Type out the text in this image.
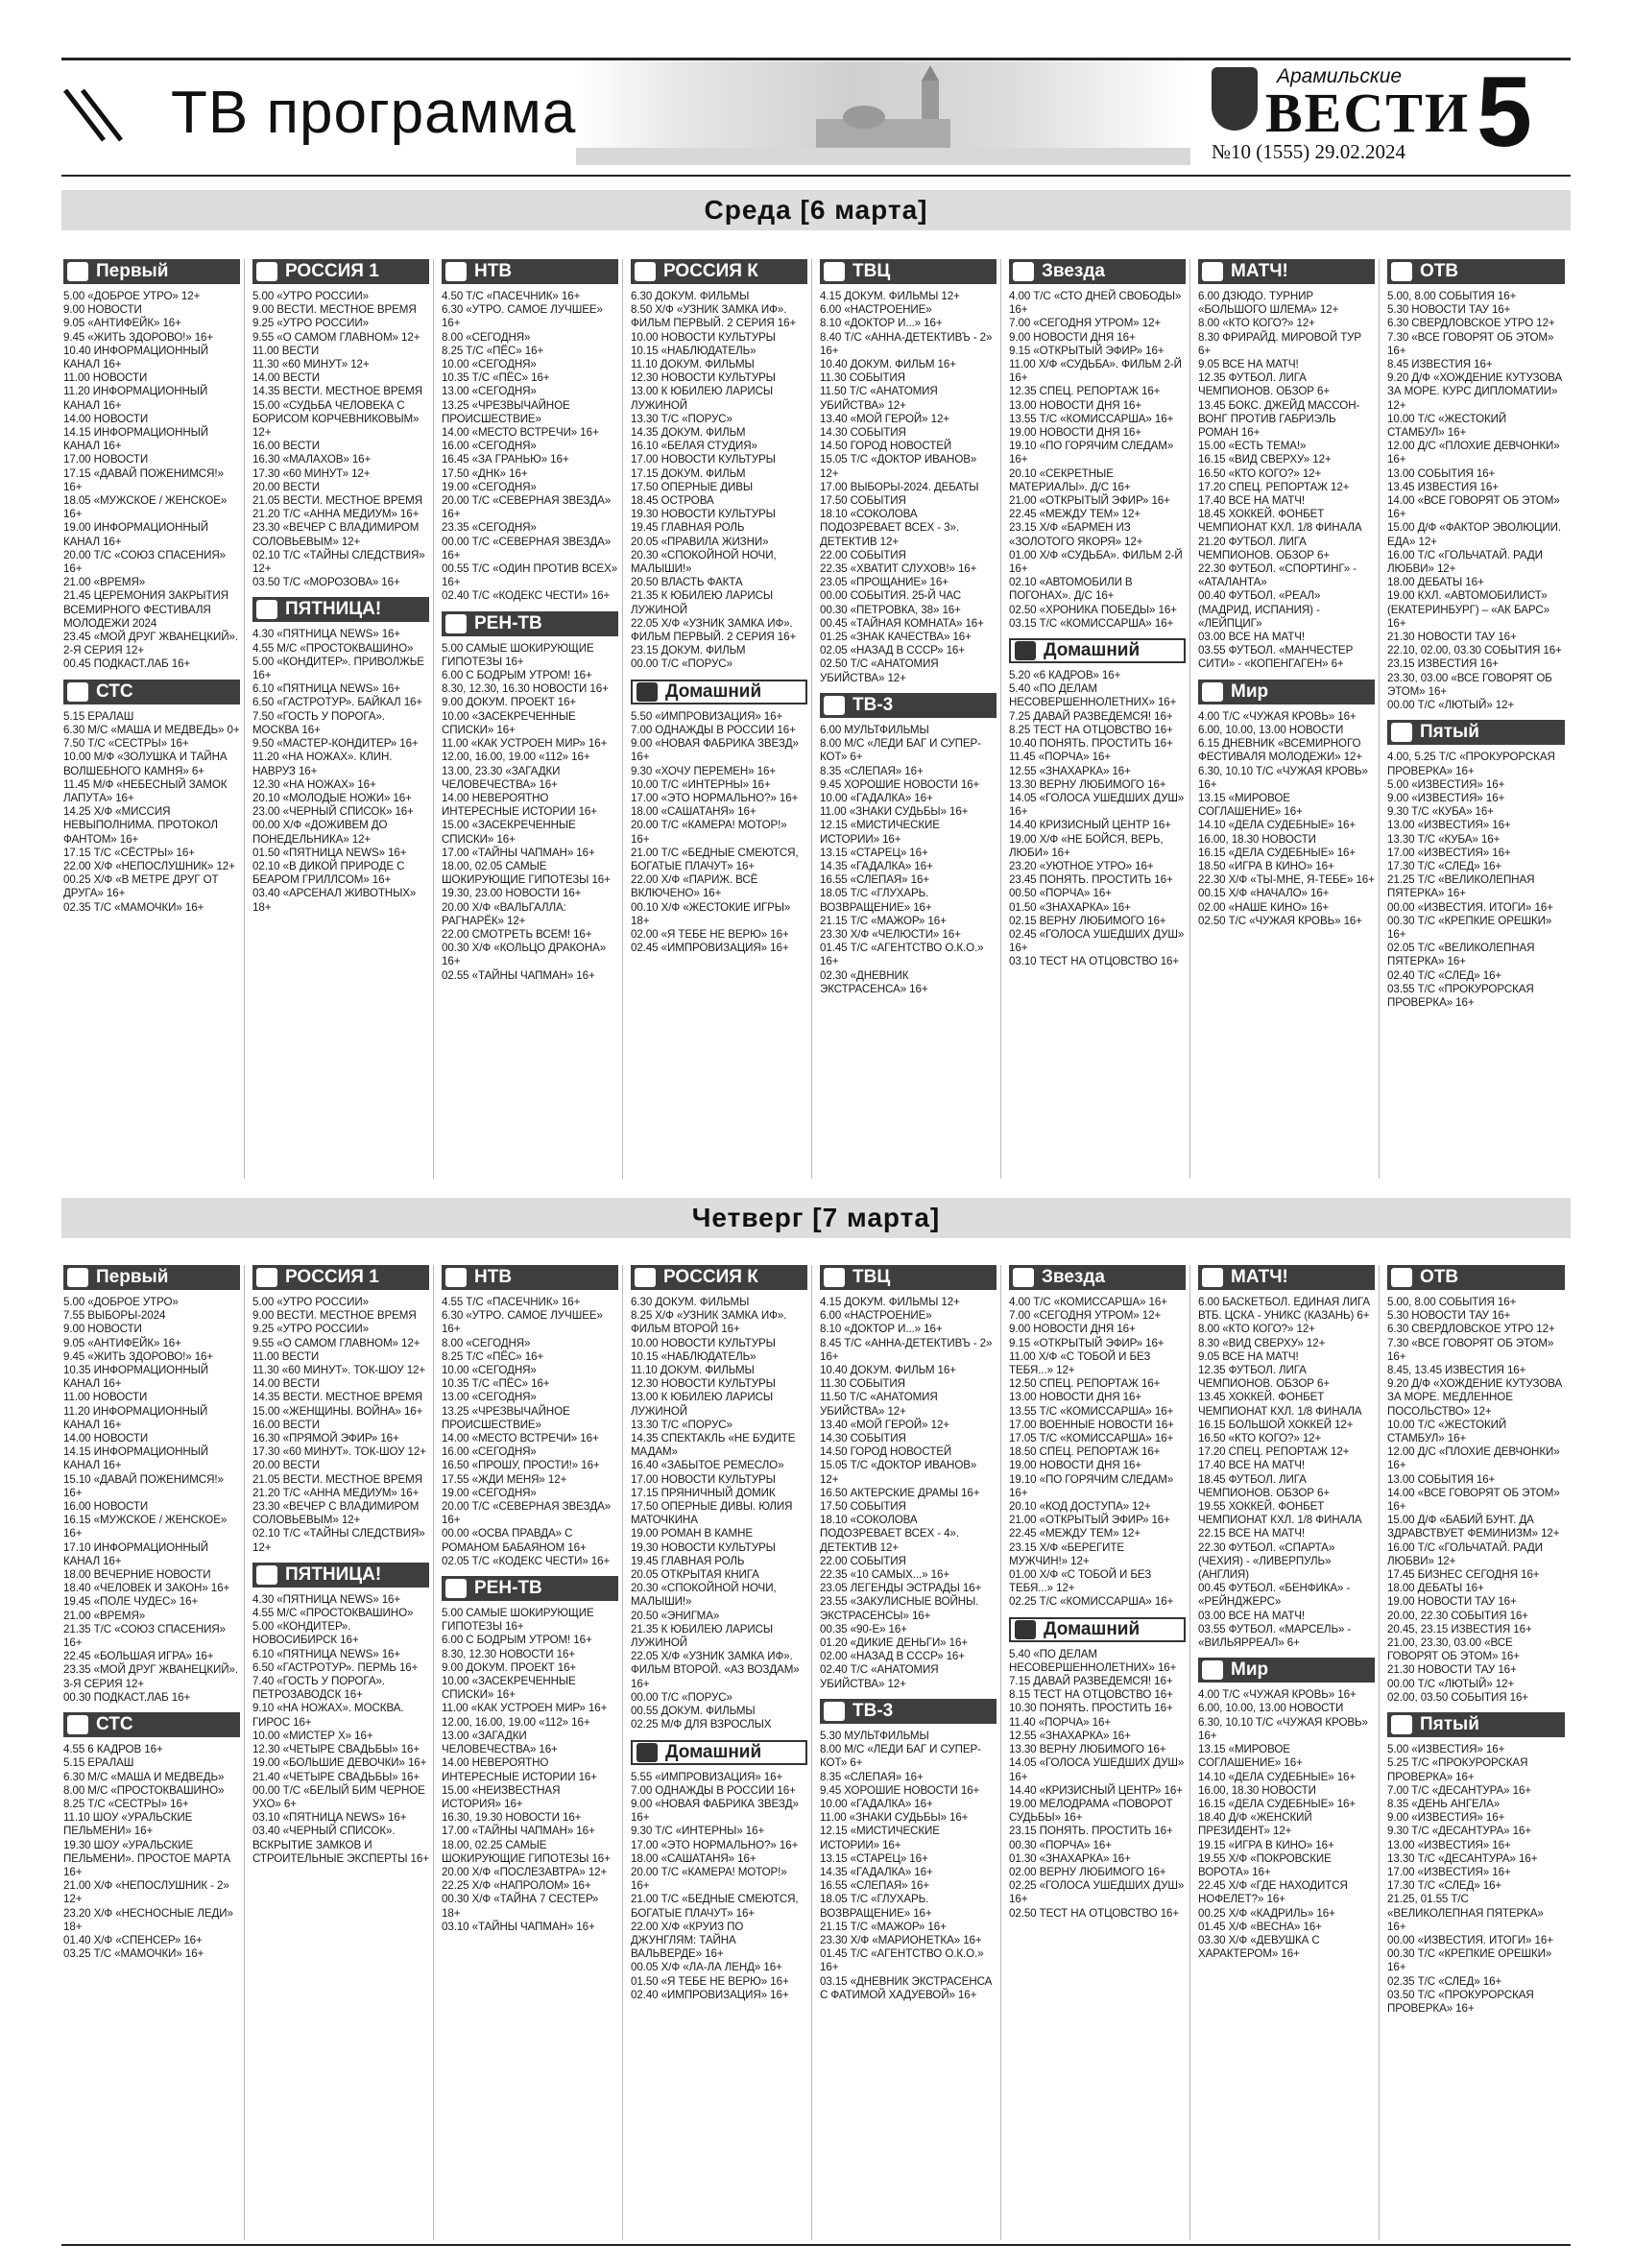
ТВ программа
Арамильские
ВЕСТИ
№10 (1555) 29.02.2024 5
Среда [6 марта]
Первый
5.00 «ДОБРОЕ УТРО» 12+
9.00 НОВОСТИ
9.05 «АНТИФЕЙК» 16+
9.45 «ЖИТЬ ЗДОРОВО!» 16+
10.40 ИНФОРМАЦИОННЫЙ КАНАЛ 16+
11.00 НОВОСТИ
11.20 ИНФОРМАЦИОННЫЙ КАНАЛ 16+
14.00 НОВОСТИ
14.15 ИНФОРМАЦИОННЫЙ КАНАЛ 16+
17.00 НОВОСТИ
17.15 «ДАВАЙ ПОЖЕНИМСЯ!» 16+
18.05 «МУЖСКОЕ / ЖЕНСКОЕ» 16+
19.00 ИНФОРМАЦИОННЫЙ КАНАЛ 16+
20.00 Т/С «СОЮЗ СПАСЕНИЯ» 16+
21.00 «ВРЕМЯ»
21.45 ЦЕРЕМОНИЯ ЗАКРЫТИЯ ВСЕМИРНОГО ФЕСТИВАЛЯ МОЛОДЕЖИ 2024
23.45 «МОЙ ДРУГ ЖВАНЕЦКИЙ». 2-Я СЕРИЯ 12+
00.45 ПОДКАСТ.ЛАБ 16+
СТС
5.15 ЕРАЛАШ
6.30 М/С «МАША И МЕДВЕДЬ» 0+
7.50 Т/С «СЕСТРЫ» 16+
10.00 М/Ф «ЗОЛУШКА И ТАЙНА ВОЛШЕБНОГО КАМНЯ» 6+
11.45 М/Ф «НЕБЕСНЫЙ ЗАМОК ЛАПУТА» 16+
14.25 Х/Ф «МИССИЯ НЕВЫПОЛНИМА. ПРОТОКОЛ ФАНТОМ» 16+
17.15 Т/С «СЁСТРЫ» 16+
22.00 Х/Ф «НЕПОСЛУШНИК» 12+
00.25 Х/Ф «В МЕТРЕ ДРУГ ОТ ДРУГА» 16+
02.35 Т/С «МАМОЧКИ» 16+
РОССИЯ 1
5.00 «УТРО РОССИИ»
9.00 ВЕСТИ. МЕСТНОЕ ВРЕМЯ
9.25 «УТРО РОССИИ»
9.55 «О САМОМ ГЛАВНОМ» 12+
11.00 ВЕСТИ
11.30 «60 МИНУТ» 12+
14.00 ВЕСТИ
14.35 ВЕСТИ. МЕСТНОЕ ВРЕМЯ
15.00 «СУДЬБА ЧЕЛОВЕКА С БОРИСОМ КОРЧЕВНИКОВЫМ» 12+
16.00 ВЕСТИ
16.30 «МАЛАХОВ» 16+
17.30 «60 МИНУТ» 12+
20.00 ВЕСТИ
21.05 ВЕСТИ. МЕСТНОЕ ВРЕМЯ
21.20 Т/С «АННА МЕДИУМ» 16+
23.30 «ВЕЧЕР С ВЛАДИМИРОМ СОЛОВЬЕВЫМ» 12+
02.10 Т/С «ТАЙНЫ СЛЕДСТВИЯ» 12+
03.50 Т/С «МОРОЗОВА» 16+
ПЯТНИЦА!
4.30 «ПЯТНИЦА NEWS» 16+
4.55 М/С «ПРОСТОКВАШИНО»
5.00 «КОНДИТЕР». ПРИВОЛЖЬЕ 16+
6.10 «ПЯТНИЦА NEWS» 16+
6.50 «ГАСТРОТУР». БАЙКАЛ 16+
7.50 «ГОСТЬ У ПОРОГА». МОСКВА 16+
9.50 «МАСТЕР-КОНДИТЕР» 16+
11.20 «НА НОЖАХ». КЛИН. НАВРУЗ 16+
12.30 «НА НОЖАХ» 16+
20.10 «МОЛОДЫЕ НОЖИ» 16+
23.00 «ЧЕРНЫЙ СПИСОК» 16+
00.00 Х/Ф «ДОЖИВЕМ ДО ПОНЕДЕЛЬНИКА» 12+
01.50 «ПЯТНИЦА NEWS» 16+
02.10 «В ДИКОЙ ПРИРОДЕ С БЕАРОМ ГРИЛЛСОМ» 16+
03.40 «АРСЕНАЛ ЖИВОТНЫХ» 18+
НТВ
4.50 Т/С «ПАСЕЧНИК» 16+
6.30 «УТРО. САМОЕ ЛУЧШЕЕ» 16+
8.00 «СЕГОДНЯ»
8.25 Т/С «ПЁС» 16+
10.00 «СЕГОДНЯ»
10.35 Т/С «ПЁС» 16+
13.00 «СЕГОДНЯ»
13.25 «ЧРЕЗВЫЧАЙНОЕ ПРОИСШЕСТВИЕ»
14.00 «МЕСТО ВСТРЕЧИ» 16+
16.00 «СЕГОДНЯ»
16.45 «ЗА ГРАНЬЮ» 16+
17.50 «ДНК» 16+
19.00 «СЕГОДНЯ»
20.00 Т/С «СЕВЕРНАЯ ЗВЕЗДА» 16+
23.35 «СЕГОДНЯ»
00.00 Т/С «СЕВЕРНАЯ ЗВЕЗДА» 16+
00.55 Т/С «ОДИН ПРОТИВ ВСЕХ» 16+
02.40 Т/С «КОДЕКС ЧЕСТИ» 16+
РЕН-ТВ
5.00 САМЫЕ ШОКИРУЮЩИЕ ГИПОТЕЗЫ 16+
6.00 С БОДРЫМ УТРОМ! 16+
8.30, 12.30, 16.30 НОВОСТИ 16+
9.00 ДОКУМ. ПРОЕКТ 16+
10.00 «ЗАСЕКРЕЧЕННЫЕ СПИСКИ» 16+
11.00 «КАК УСТРОЕН МИР» 16+
12.00, 16.00, 19.00 «112» 16+
13.00, 23.30 «ЗАГАДКИ ЧЕЛОВЕЧЕСТВА» 16+
14.00 НЕВЕРОЯТНО ИНТЕРЕСНЫЕ ИСТОРИИ 16+
15.00 «ЗАСЕКРЕЧЕННЫЕ СПИСКИ» 16+
17.00 «ТАЙНЫ ЧАПМАН» 16+
18.00, 02.05 САМЫЕ ШОКИРУЮЩИЕ ГИПОТЕЗЫ 16+
19.30, 23.00 НОВОСТИ 16+
20.00 Х/Ф «ВАЛЬГАЛЛА: РАГНАРЁК» 12+
22.00 СМОТРЕТЬ ВСЕМ! 16+
00.30 Х/Ф «КОЛЬЦО ДРАКОНА» 16+
02.55 «ТАЙНЫ ЧАПМАН» 16+
РОССИЯ К
6.30 ДОКУМ. ФИЛЬМЫ
8.50 Х/Ф «УЗНИК ЗАМКА ИФ». ФИЛЬМ ПЕРВЫЙ. 2 СЕРИЯ 16+
10.00 НОВОСТИ КУЛЬТУРЫ
10.15 «НАБЛЮДАТЕЛЬ»
11.10 ДОКУМ. ФИЛЬМЫ
12.30 НОВОСТИ КУЛЬТУРЫ
13.00 К ЮБИЛЕЮ ЛАРИСЫ ЛУЖИНОЙ
13.30 Т/С «ПОРУС»
14.35 ДОКУМ. ФИЛЬМ
16.10 «БЕЛАЯ СТУДИЯ»
17.00 НОВОСТИ КУЛЬТУРЫ
17.15 ДОКУМ. ФИЛЬМ
17.50 ОПЕРНЫЕ ДИВЫ
18.45 ОСТРОВА
19.30 НОВОСТИ КУЛЬТУРЫ
19.45 ГЛАВНАЯ РОЛЬ
20.05 «ПРАВИЛА ЖИЗНИ»
20.30 «СПОКОЙНОЙ НОЧИ, МАЛЫШИ!»
20.50 ВЛАСТЬ ФАКТА
21.35 К ЮБИЛЕЮ ЛАРИСЫ ЛУЖИНОЙ
22.05 Х/Ф «УЗНИК ЗАМКА ИФ». ФИЛЬМ ПЕРВЫЙ. 2 СЕРИЯ 16+
23.15 ДОКУМ. ФИЛЬМ
00.00 Т/С «ПОРУС»
Домашний
5.50 «ИМПРОВИЗАЦИЯ» 16+
7.00 ОДНАЖДЫ В РОССИИ 16+
9.00 «НОВАЯ ФАБРИКА ЗВЕЗД» 16+
9.30 «ХОЧУ ПЕРЕМЕН» 16+
10.00 Т/С «ИНТЕРНЫ» 16+
17.00 «ЭТО НОРМАЛЬНО?» 16+
18.00 «САШАТАНЯ» 16+
20.00 Т/С «КАМЕРА! МОТОР!» 16+
21.00 Т/С «БЕДНЫЕ СМЕЮТСЯ, БОГАТЫЕ ПЛАЧУТ» 16+
22.00 Х/Ф «ПАРИЖ. ВСЁ ВКЛЮЧЕНО» 16+
00.10 Х/Ф «ЖЕСТОКИЕ ИГРЫ» 18+
02.00 «Я ТЕБЕ НЕ ВЕРЮ» 16+
02.45 «ИМПРОВИЗАЦИЯ» 16+
ТВЦ
4.15 ДОКУМ. ФИЛЬМЫ 12+
6.00 «НАСТРОЕНИЕ»
8.10 «ДОКТОР И...» 16+
8.40 Т/С «АННА-ДЕТЕКТИВЪ - 2» 16+
10.40 ДОКУМ. ФИЛЬМ 16+
11.30 СОБЫТИЯ
11.50 Т/С «АНАТОМИЯ УБИЙСТВА» 12+
13.40 «МОЙ ГЕРОЙ» 12+
14.30 СОБЫТИЯ
14.50 ГОРОД НОВОСТЕЙ
15.05 Т/С «ДОКТОР ИВАНОВ» 12+
17.00 ВЫБОРЫ-2024. ДЕБАТЫ
17.50 СОБЫТИЯ
18.10 «СОКОЛОВА ПОДОЗРЕВАЕТ ВСЕХ - 3». ДЕТЕКТИВ 12+
22.00 СОБЫТИЯ
22.35 «ХВАТИТ СЛУХОВ!» 16+
23.05 «ПРОЩАНИЕ» 16+
00.00 СОБЫТИЯ. 25-Й ЧАС
00.30 «ПЕТРОВКА, 38» 16+
00.45 «ТАЙНАЯ КОМНАТА» 16+
01.25 «ЗНАК КАЧЕСТВА» 16+
02.05 «НАЗАД В СССР» 16+
02.50 Т/С «АНАТОМИЯ УБИЙСТВА» 12+
ТВ-3
6.00 МУЛЬТФИЛЬМЫ
8.00 М/С «ЛЕДИ БАГ И СУПЕР-КОТ» 6+
8.35 «СЛЕПАЯ» 16+
9.45 ХОРОШИЕ НОВОСТИ 16+
10.00 «ГАДАЛКА» 16+
11.00 «ЗНАКИ СУДЬБЫ» 16+
12.15 «МИСТИЧЕСКИЕ ИСТОРИИ» 16+
13.15 «СТАРЕЦ» 16+
14.35 «ГАДАЛКА» 16+
16.55 «СЛЕПАЯ» 16+
18.05 Т/С «ГЛУХАРЬ. ВОЗВРАЩЕНИЕ» 16+
21.15 Т/С «МАЖОР» 16+
23.30 Х/Ф «ЧЕЛЮСТИ» 16+
01.45 Т/С «АГЕНТСТВО О.К.О.» 16+
02.30 «ДНЕВНИК ЭКСТРАСЕНСА» 16+
Звезда
4.00 Т/С «СТО ДНЕЙ СВОБОДЫ» 16+
7.00 «СЕГОДНЯ УТРОМ» 12+
9.00 НОВОСТИ ДНЯ 16+
9.15 «ОТКРЫТЫЙ ЭФИР» 16+
11.00 Х/Ф «СУДЬБА». ФИЛЬМ 2-Й 16+
12.35 СПЕЦ. РЕПОРТАЖ 16+
13.00 НОВОСТИ ДНЯ 16+
13.55 Т/С «КОМИССАРША» 16+
19.00 НОВОСТИ ДНЯ 16+
19.10 «ПО ГОРЯЧИМ СЛЕДАМ» 16+
20.10 «СЕКРЕТНЫЕ МАТЕРИАЛЫ». Д/С 16+
21.00 «ОТКРЫТЫЙ ЭФИР» 16+
22.45 «МЕЖДУ ТЕМ» 12+
23.15 Х/Ф «БАРМЕН ИЗ «ЗОЛОТОГО ЯКОРЯ» 12+
01.00 Х/Ф «СУДЬБА». ФИЛЬМ 2-Й 16+
02.10 «АВТОМОБИЛИ В ПОГОНАХ». Д/С 16+
02.50 «ХРОНИКА ПОБЕДЫ» 16+
03.15 Т/С «КОМИССАРША» 16+
Домашний
5.20 «6 КАДРОВ» 16+
5.40 «ПО ДЕЛАМ НЕСОВЕРШЕННОЛЕТНИХ» 16+
7.25 ДАВАЙ РАЗВЕДЕМСЯ! 16+
8.25 ТЕСТ НА ОТЦОВСТВО 16+
10.40 ПОНЯТЬ. ПРОСТИТЬ 16+
11.45 «ПОРЧА» 16+
12.55 «ЗНАХАРКА» 16+
13.30 ВЕРНУ ЛЮБИМОГО 16+
14.05 «ГОЛОСА УШЕДШИХ ДУШ» 16+
14.40 КРИЗИСНЫЙ ЦЕНТР 16+
19.00 Х/Ф «НЕ БОЙСЯ, ВЕРЬ, ЛЮБИ» 16+
23.20 «УЮТНОЕ УТРО» 16+
23.45 ПОНЯТЬ. ПРОСТИТЬ 16+
00.50 «ПОРЧА» 16+
01.50 «ЗНАХАРКА» 16+
02.15 ВЕРНУ ЛЮБИМОГО 16+
02.45 «ГОЛОСА УШЕДШИХ ДУШ» 16+
03.10 ТЕСТ НА ОТЦОВСТВО 16+
МАТЧ!
6.00 ДЗЮДО. ТУРНИР «БОЛЬШОГО ШЛЕМА» 12+
8.00 «КТО КОГО?» 12+
8.30 ФРИРАЙД. МИРОВОЙ ТУР 6+
9.05 ВСЕ НА МАТЧ!
12.35 ФУТБОЛ. ЛИГА ЧЕМПИОНОВ. ОБЗОР 6+
13.45 БОКС. ДЖЕЙД МАССОН-ВОНГ ПРОТИВ ГАБРИЭЛЬ РОМАН 16+
15.00 «ЕСТЬ ТЕМА!»
16.15 «ВИД СВЕРХУ» 12+
16.50 «КТО КОГО?» 12+
17.20 СПЕЦ. РЕПОРТАЖ 12+
17.40 ВСЕ НА МАТЧ!
18.45 ХОККЕЙ. ФОНБЕТ ЧЕМПИОНАТ КХЛ. 1/8 ФИНАЛА
21.20 ФУТБОЛ. ЛИГА ЧЕМПИОНОВ. ОБЗОР 6+
22.30 ФУТБОЛ. «СПОРТИНГ» - «АТАЛАНТА»
00.40 ФУТБОЛ. «РЕАЛ» (МАДРИД, ИСПАНИЯ) - «ЛЕЙПЦИГ»
03.00 ВСЕ НА МАТЧ!
03.55 ФУТБОЛ. «МАНЧЕСТЕР СИТИ» - «КОПЕНГАГЕН» 6+
Мир
4.00 Т/С «ЧУЖАЯ КРОВЬ» 16+
6.00, 10.00, 13.00 НОВОСТИ
6.15 ДНЕВНИК «ВСЕМИРНОГО ФЕСТИВАЛЯ МОЛОДЕЖИ» 12+
6.30, 10.10 Т/С «ЧУЖАЯ КРОВЬ» 16+
13.15 «МИРОВОЕ СОГЛАШЕНИЕ» 16+
14.10 «ДЕЛА СУДЕБНЫЕ» 16+
16.00, 18.30 НОВОСТИ
16.15 «ДЕЛА СУДЕБНЫЕ» 16+
18.50 «ИГРА В КИНО» 16+
22.30 Х/Ф «ТЫ-МНЕ, Я-ТЕБЕ» 16+
00.15 Х/Ф «НАЧАЛО» 16+
02.00 «НАШЕ КИНО» 16+
02.50 Т/С «ЧУЖАЯ КРОВЬ» 16+
ОТВ
5.00, 8.00 СОБЫТИЯ 16+
5.30 НОВОСТИ ТАУ 16+
6.30 СВЕРДЛОВСКОЕ УТРО 12+
7.30 «ВСЕ ГОВОРЯТ ОБ ЭТОМ» 16+
8.45 ИЗВЕСТИЯ 16+
9.20 Д/Ф «ХОЖДЕНИЕ КУТУЗОВА ЗА МОРЕ. КУРС ДИПЛОМАТИИ» 12+
10.00 Т/С «ЖЕСТОКИЙ СТАМБУЛ» 16+
12.00 Д/С «ПЛОХИЕ ДЕВЧОНКИ» 16+
13.00 СОБЫТИЯ 16+
13.45 ИЗВЕСТИЯ 16+
14.00 «ВСЕ ГОВОРЯТ ОБ ЭТОМ» 16+
15.00 Д/Ф «ФАКТОР ЭВОЛЮЦИИ. ЕДА» 12+
16.00 Т/С «ГОЛЬЧАТАЙ. РАДИ ЛЮБВИ» 12+
18.00 ДЕБАТЫ 16+
19.00 КХЛ. «АВТОМОБИЛИСТ» (ЕКАТЕРИНБУРГ) – «АК БАРС» 16+
21.30 НОВОСТИ ТАУ 16+
22.10, 02.00, 03.30 СОБЫТИЯ 16+
23.15 ИЗВЕСТИЯ 16+
23.30, 03.00 «ВСЕ ГОВОРЯТ ОБ ЭТОМ» 16+
00.00 Т/С «ЛЮТЫЙ» 12+
Пятый
4.00, 5.25 Т/С «ПРОКУРОРСКАЯ ПРОВЕРКА» 16+
5.00 «ИЗВЕСТИЯ» 16+
9.00 «ИЗВЕСТИЯ» 16+
9.30 Т/С «КУБА» 16+
13.00 «ИЗВЕСТИЯ» 16+
13.30 Т/С «КУБА» 16+
17.00 «ИЗВЕСТИЯ» 16+
17.30 Т/С «СЛЕД» 16+
21.25 Т/С «ВЕЛИКОЛЕПНАЯ ПЯТЕРКА» 16+
00.00 «ИЗВЕСТИЯ. ИТОГИ» 16+
00.30 Т/С «КРЕПКИЕ ОРЕШКИ» 16+
02.05 Т/С «ВЕЛИКОЛЕПНАЯ ПЯТЕРКА» 16+
02.40 Т/С «СЛЕД» 16+
03.55 Т/С «ПРОКУРОРСКАЯ ПРОВЕРКА» 16+
Четверг [7 марта]
Первый
5.00 «ДОБРОЕ УТРО»
7.55 ВЫБОРЫ-2024
9.00 НОВОСТИ
9.05 «АНТИФЕЙК» 16+
9.45 «ЖИТЬ ЗДОРОВО!» 16+
10.35 ИНФОРМАЦИОННЫЙ КАНАЛ 16+
11.00 НОВОСТИ
11.20 ИНФОРМАЦИОННЫЙ КАНАЛ 16+
14.00 НОВОСТИ
14.15 ИНФОРМАЦИОННЫЙ КАНАЛ 16+
15.10 «ДАВАЙ ПОЖЕНИМСЯ!» 16+
16.00 НОВОСТИ
16.15 «МУЖСКОЕ / ЖЕНСКОЕ» 16+
17.10 ИНФОРМАЦИОННЫЙ КАНАЛ 16+
18.00 ВЕЧЕРНИЕ НОВОСТИ
18.40 «ЧЕЛОВЕК И ЗАКОН» 16+
19.45 «ПОЛЕ ЧУДЕС» 16+
21.00 «ВРЕМЯ»
21.35 Т/С «СОЮЗ СПАСЕНИЯ» 16+
22.45 «БОЛЬШАЯ ИГРА» 16+
23.35 «МОЙ ДРУГ ЖВАНЕЦКИЙ». 3-Я СЕРИЯ 12+
00.30 ПОДКАСТ.ЛАБ 16+
СТС
4.55 6 КАДРОВ 16+
5.15 ЕРАЛАШ
6.30 М/С «МАША И МЕДВЕДЬ»
8.00 М/С «ПРОСТОКВАШИНО»
8.25 Т/С «СЕСТРЫ» 16+
11.10 ШОУ «УРАЛЬСКИЕ ПЕЛЬМЕНИ» 16+
19.30 ШОУ «УРАЛЬСКИЕ ПЕЛЬМЕНИ». ПРОСТОЕ МАРТА 16+
21.00 Х/Ф «НЕПОСЛУШНИК - 2» 12+
23.20 Х/Ф «НЕСНОСНЫЕ ЛЕДИ» 18+
01.40 Х/Ф «СПЕНСЕР» 16+
03.25 Т/С «МАМОЧКИ» 16+
РОССИЯ 1
5.00 «УТРО РОССИИ»
9.00 ВЕСТИ. МЕСТНОЕ ВРЕМЯ
9.25 «УТРО РОССИИ»
9.55 «О САМОМ ГЛАВНОМ» 12+
11.00 ВЕСТИ
11.30 «60 МИНУТ». ТОК-ШОУ 12+
14.00 ВЕСТИ
14.35 ВЕСТИ. МЕСТНОЕ ВРЕМЯ
15.00 «ЖЕНЩИНЫ. ВОЙНА» 16+
16.00 ВЕСТИ
16.30 «ПРЯМОЙ ЭФИР» 16+
17.30 «60 МИНУТ». ТОК-ШОУ 12+
20.00 ВЕСТИ
21.05 ВЕСТИ. МЕСТНОЕ ВРЕМЯ
21.20 Т/С «АННА МЕДИУМ» 16+
23.30 «ВЕЧЕР С ВЛАДИМИРОМ СОЛОВЬЕВЫМ» 12+
02.10 Т/С «ТАЙНЫ СЛЕДСТВИЯ» 12+
ПЯТНИЦА!
4.30 «ПЯТНИЦА NEWS» 16+
4.55 М/С «ПРОСТОКВАШИНО»
5.00 «КОНДИТЕР». НОВОСИБИРСК 16+
6.10 «ПЯТНИЦА NEWS» 16+
6.50 «ГАСТРОТУР». ПЕРМЬ 16+
7.40 «ГОСТЬ У ПОРОГА». ПЕТРОЗАВОДСК 16+
9.10 «НА НОЖАХ». МОСКВА. ГИРОС 16+
10.00 «МИСТЕР Х» 16+
12.30 «ЧЕТЫРЕ СВАДЬБЫ» 16+
19.00 «БОЛЬШИЕ ДЕВОЧКИ» 16+
21.40 «ЧЕТЫРЕ СВАДЬБЫ» 16+
00.00 Т/С «БЕЛЫЙ БИМ ЧЕРНОЕ УХО» 6+
03.10 «ПЯТНИЦА NEWS» 16+
03.40 «ЧЕРНЫЙ СПИСОК». ВСКРЫТИЕ ЗАМКОВ И СТРОИТЕЛЬНЫЕ ЭКСПЕРТЫ 16+
НТВ
4.55 Т/С «ПАСЕЧНИК» 16+
6.30 «УТРО. САМОЕ ЛУЧШЕЕ» 16+
8.00 «СЕГОДНЯ»
8.25 Т/С «ПЁС» 16+
10.00 «СЕГОДНЯ»
10.35 Т/С «ПЁС» 16+
13.00 «СЕГОДНЯ»
13.25 «ЧРЕЗВЫЧАЙНОЕ ПРОИСШЕСТВИЕ»
14.00 «МЕСТО ВСТРЕЧИ» 16+
16.00 «СЕГОДНЯ»
16.50 «ПРОШУ, ПРОСТИ!» 16+
17.55 «ЖДИ МЕНЯ» 12+
19.00 «СЕГОДНЯ»
20.00 Т/С «СЕВЕРНАЯ ЗВЕЗДА» 16+
00.00 «ОСВА ПРАВДА» С РОМАНОМ БАБАЯНОМ 16+
02.05 Т/С «КОДЕКС ЧЕСТИ» 16+
РЕН-ТВ
5.00 САМЫЕ ШОКИРУЮЩИЕ ГИПОТЕЗЫ 16+
6.00 С БОДРЫМ УТРОМ! 16+
8.30, 12.30 НОВОСТИ 16+
9.00 ДОКУМ. ПРОЕКТ 16+
10.00 «ЗАСЕКРЕЧЕННЫЕ СПИСКИ» 16+
11.00 «КАК УСТРОЕН МИР» 16+
12.00, 16.00, 19.00 «112» 16+
13.00 «ЗАГАДКИ ЧЕЛОВЕЧЕСТВА» 16+
14.00 НЕВЕРОЯТНО ИНТЕРЕСНЫЕ ИСТОРИИ 16+
15.00 «НЕИЗВЕСТНАЯ ИСТОРИЯ» 16+
16.30, 19.30 НОВОСТИ 16+
17.00 «ТАЙНЫ ЧАПМАН» 16+
18.00, 02.25 САМЫЕ ШОКИРУЮЩИЕ ГИПОТЕЗЫ 16+
20.00 Х/Ф «ПОСЛЕЗАВТРА» 12+
22.25 Х/Ф «НАПРОЛОМ» 16+
00.30 Х/Ф «ТАЙНА 7 СЕСТЕР» 18+
03.10 «ТАЙНЫ ЧАПМАН» 16+
РОССИЯ К
6.30 ДОКУМ. ФИЛЬМЫ
8.25 Х/Ф «УЗНИК ЗАМКА ИФ». ФИЛЬМ ВТОРОЙ 16+
10.00 НОВОСТИ КУЛЬТУРЫ
10.15 «НАБЛЮДАТЕЛЬ»
11.10 ДОКУМ. ФИЛЬМЫ
12.30 НОВОСТИ КУЛЬТУРЫ
13.00 К ЮБИЛЕЮ ЛАРИСЫ ЛУЖИНОЙ
13.30 Т/С «ПОРУС»
14.35 СПЕКТАКЛЬ «НЕ БУДИТЕ МАДАМ»
16.40 «ЗАБЫТОЕ РЕМЕСЛО»
17.00 НОВОСТИ КУЛЬТУРЫ
17.15 ПРЯНИЧНЫЙ ДОМИК
17.50 ОПЕРНЫЕ ДИВЫ. ЮЛИЯ МАТОЧКИНА
19.00 РОМАН В КАМНЕ
19.30 НОВОСТИ КУЛЬТУРЫ
19.45 ГЛАВНАЯ РОЛЬ
20.05 ОТКРЫТАЯ КНИГА
20.30 «СПОКОЙНОЙ НОЧИ, МАЛЫШИ!»
20.50 «ЭНИГМА»
21.35 К ЮБИЛЕЮ ЛАРИСЫ ЛУЖИНОЙ
22.05 Х/Ф «УЗНИК ЗАМКА ИФ». ФИЛЬМ ВТОРОЙ. «АЗ ВОЗДАМ» 16+
00.00 Т/С «ПОРУС»
00.55 ДОКУМ. ФИЛЬМЫ
02.25 М/Ф ДЛЯ ВЗРОСЛЫХ
Домашний
5.55 «ИМПРОВИЗАЦИЯ» 16+
7.00 ОДНАЖДЫ В РОССИИ 16+
9.00 «НОВАЯ ФАБРИКА ЗВЕЗД» 16+
9.30 Т/С «ИНТЕРНЫ» 16+
17.00 «ЭТО НОРМАЛЬНО?» 16+
18.00 «САШАТАНЯ» 16+
20.00 Т/С «КАМЕРА! МОТОР!» 16+
21.00 Т/С «БЕДНЫЕ СМЕЮТСЯ, БОГАТЫЕ ПЛАЧУТ» 16+
22.00 Х/Ф «КРУИЗ ПО ДЖУНГЛЯМ: ТАЙНА ВАЛЬВЕРДЕ» 16+
00.05 Х/Ф «ЛА-ЛА ЛЕНД» 16+
01.50 «Я ТЕБЕ НЕ ВЕРЮ» 16+
02.40 «ИМПРОВИЗАЦИЯ» 16+
ТВЦ
4.15 ДОКУМ. ФИЛЬМЫ 12+
6.00 «НАСТРОЕНИЕ»
8.10 «ДОКТОР И...» 16+
8.45 Т/С «АННА-ДЕТЕКТИВЪ - 2» 16+
10.40 ДОКУМ. ФИЛЬМ 16+
11.30 СОБЫТИЯ
11.50 Т/С «АНАТОМИЯ УБИЙСТВА» 12+
13.40 «МОЙ ГЕРОЙ» 12+
14.30 СОБЫТИЯ
14.50 ГОРОД НОВОСТЕЙ
15.05 Т/С «ДОКТОР ИВАНОВ» 12+
16.50 АКТЕРСКИЕ ДРАМЫ 16+
17.50 СОБЫТИЯ
18.10 «СОКОЛОВА ПОДОЗРЕВАЕТ ВСЕХ - 4». ДЕТЕКТИВ 12+
22.00 СОБЫТИЯ
22.35 «10 САМЫХ...» 16+
23.05 ЛЕГЕНДЫ ЭСТРАДЫ 16+
23.55 «ЗАКУЛИСНЫЕ ВОЙНЫ. ЭКСТРАСЕНСЫ» 16+
00.35 «90-Е» 16+
01.20 «ДИКИЕ ДЕНЬГИ» 16+
02.00 «НАЗАД В СССР» 16+
02.40 Т/С «АНАТОМИЯ УБИЙСТВА» 12+
ТВ-3
5.30 МУЛЬТФИЛЬМЫ
8.00 М/С «ЛЕДИ БАГ И СУПЕР-КОТ» 6+
8.35 «СЛЕПАЯ» 16+
9.45 ХОРОШИЕ НОВОСТИ 16+
10.00 «ГАДАЛКА» 16+
11.00 «ЗНАКИ СУДЬБЫ» 16+
12.15 «МИСТИЧЕСКИЕ ИСТОРИИ» 16+
13.15 «СТАРЕЦ» 16+
14.35 «ГАДАЛКА» 16+
16.55 «СЛЕПАЯ» 16+
18.05 Т/С «ГЛУХАРЬ. ВОЗВРАЩЕНИЕ» 16+
21.15 Т/С «МАЖОР» 16+
23.30 Х/Ф «МАРИОНЕТКА» 16+
01.45 Т/С «АГЕНТСТВО О.К.О.» 16+
03.15 «ДНЕВНИК ЭКСТРАСЕНСА С ФАТИМОЙ ХАДУЕВОЙ» 16+
Звезда
4.00 Т/С «КОМИССАРША» 16+
7.00 «СЕГОДНЯ УТРОМ» 12+
9.00 НОВОСТИ ДНЯ 16+
9.15 «ОТКРЫТЫЙ ЭФИР» 16+
11.00 Х/Ф «С ТОБОЙ И БЕЗ ТЕБЯ...» 12+
12.50 СПЕЦ. РЕПОРТАЖ 16+
13.00 НОВОСТИ ДНЯ 16+
13.55 Т/С «КОМИССАРША» 16+
17.00 ВОЕННЫЕ НОВОСТИ 16+
17.05 Т/С «КОМИССАРША» 16+
18.50 СПЕЦ. РЕПОРТАЖ 16+
19.00 НОВОСТИ ДНЯ 16+
19.10 «ПО ГОРЯЧИМ СЛЕДАМ» 16+
20.10 «КОД ДОСТУПА» 12+
21.00 «ОТКРЫТЫЙ ЭФИР» 16+
22.45 «МЕЖДУ ТЕМ» 12+
23.15 Х/Ф «БЕРЕГИТЕ МУЖЧИН!» 12+
01.00 Х/Ф «С ТОБОЙ И БЕЗ ТЕБЯ...» 12+
02.25 Т/С «КОМИССАРША» 16+
Домашний
5.40 «ПО ДЕЛАМ НЕСОВЕРШЕННОЛЕТНИХ» 16+
7.15 ДАВАЙ РАЗВЕДЕМСЯ! 16+
8.15 ТЕСТ НА ОТЦОВСТВО 16+
10.30 ПОНЯТЬ. ПРОСТИТЬ 16+
11.40 «ПОРЧА» 16+
12.55 «ЗНАХАРКА» 16+
13.30 ВЕРНУ ЛЮБИМОГО 16+
14.05 «ГОЛОСА УШЕДШИХ ДУШ» 16+
14.40 «КРИЗИСНЫЙ ЦЕНТР» 16+
19.00 МЕЛОДРАМА «ПОВОРОТ СУДЬБЫ» 16+
23.15 ПОНЯТЬ. ПРОСТИТЬ 16+
00.30 «ПОРЧА» 16+
01.30 «ЗНАХАРКА» 16+
02.00 ВЕРНУ ЛЮБИМОГО 16+
02.25 «ГОЛОСА УШЕДШИХ ДУШ» 16+
02.50 ТЕСТ НА ОТЦОВСТВО 16+
МАТЧ!
6.00 БАСКЕТБОЛ. ЕДИНАЯ ЛИГА ВТБ. ЦСКА - УНИКС (КАЗАНЬ) 6+
8.00 «КТО КОГО?» 12+
8.30 «ВИД СВЕРХУ» 12+
9.05 ВСЕ НА МАТЧ!
12.35 ФУТБОЛ. ЛИГА ЧЕМПИОНОВ. ОБЗОР 6+
13.45 ХОККЕЙ. ФОНБЕТ ЧЕМПИОНАТ КХЛ. 1/8 ФИНАЛА
16.15 БОЛЬШОЙ ХОККЕЙ 12+
16.50 «КТО КОГО?» 12+
17.20 СПЕЦ. РЕПОРТАЖ 12+
17.40 ВСЕ НА МАТЧ!
18.45 ФУТБОЛ. ЛИГА ЧЕМПИОНОВ. ОБЗОР 6+
19.55 ХОККЕЙ. ФОНБЕТ ЧЕМПИОНАТ КХЛ. 1/8 ФИНАЛА
22.15 ВСЕ НА МАТЧ!
22.30 ФУТБОЛ. «СПАРТА» (ЧЕХИЯ) - «ЛИВЕРПУЛЬ» (АНГЛИЯ)
00.45 ФУТБОЛ. «БЕНФИКА» - «РЕЙНДЖЕРС»
03.00 ВСЕ НА МАТЧ!
03.55 ФУТБОЛ. «МАРСЕЛЬ» - «ВИЛЬЯРРЕАЛ» 6+
Мир
4.00 Т/С «ЧУЖАЯ КРОВЬ» 16+
6.00, 10.00, 13.00 НОВОСТИ
6.30, 10.10 Т/С «ЧУЖАЯ КРОВЬ» 16+
13.15 «МИРОВОЕ СОГЛАШЕНИЕ» 16+
14.10 «ДЕЛА СУДЕБНЫЕ» 16+
16.00, 18.30 НОВОСТИ
16.15 «ДЕЛА СУДЕБНЫЕ» 16+
18.40 Д/Ф «ЖЕНСКИЙ ПРЕЗИДЕНТ» 12+
19.15 «ИГРА В КИНО» 16+
19.55 Х/Ф «ПОКРОВСКИЕ ВОРОТА» 16+
22.45 Х/Ф «ГДЕ НАХОДИТСЯ НОФЕЛЕТ?» 16+
00.25 Х/Ф «КАДРИЛЬ» 16+
01.45 Х/Ф «ВЕСНА» 16+
03.30 Х/Ф «ДЕВУШКА С ХАРАКТЕРОМ» 16+
ОТВ
5.00, 8.00 СОБЫТИЯ 16+
5.30 НОВОСТИ ТАУ 16+
6.30 СВЕРДЛОВСКОЕ УТРО 12+
7.30 «ВСЕ ГОВОРЯТ ОБ ЭТОМ» 16+
8.45, 13.45 ИЗВЕСТИЯ 16+
9.20 Д/Ф «ХОЖДЕНИЕ КУТУЗОВА ЗА МОРЕ. МЕДЛЕННОЕ ПОСОЛЬСТВО» 12+
10.00 Т/С «ЖЕСТОКИЙ СТАМБУЛ» 16+
12.00 Д/С «ПЛОХИЕ ДЕВЧОНКИ» 16+
13.00 СОБЫТИЯ 16+
14.00 «ВСЕ ГОВОРЯТ ОБ ЭТОМ» 16+
15.00 Д/Ф «БАБИЙ БУНТ. ДА ЗДРАВСТВУЕТ ФЕМИНИЗМ» 12+
16.00 Т/С «ГОЛЬЧАТАЙ. РАДИ ЛЮБВИ» 12+
17.45 БИЗНЕС СЕГОДНЯ 16+
18.00 ДЕБАТЫ 16+
19.00 НОВОСТИ ТАУ 16+
20.00, 22.30 СОБЫТИЯ 16+
20.45, 23.15 ИЗВЕСТИЯ 16+
21.00, 23.30, 03.00 «ВСЕ ГОВОРЯТ ОБ ЭТОМ» 16+
21.30 НОВОСТИ ТАУ 16+
00.00 Т/С «ЛЮТЫЙ» 12+
02.00, 03.50 СОБЫТИЯ 16+
Пятый
5.00 «ИЗВЕСТИЯ» 16+
5.25 Т/С «ПРОКУРОРСКАЯ ПРОВЕРКА» 16+
7.00 Т/С «ДЕСАНТУРА» 16+
8.35 «ДЕНЬ АНГЕЛА»
9.00 «ИЗВЕСТИЯ» 16+
9.30 Т/С «ДЕСАНТУРА» 16+
13.00 «ИЗВЕСТИЯ» 16+
13.30 Т/С «ДЕСАНТУРА» 16+
17.00 «ИЗВЕСТИЯ» 16+
17.30 Т/С «СЛЕД» 16+
21.25, 01.55 Т/С «ВЕЛИКОЛЕПНАЯ ПЯТЕРКА» 16+
00.00 «ИЗВЕСТИЯ. ИТОГИ» 16+
00.30 Т/С «КРЕПКИЕ ОРЕШКИ» 16+
02.35 Т/С «СЛЕД» 16+
03.50 Т/С «ПРОКУРОРСКАЯ ПРОВЕРКА» 16+
